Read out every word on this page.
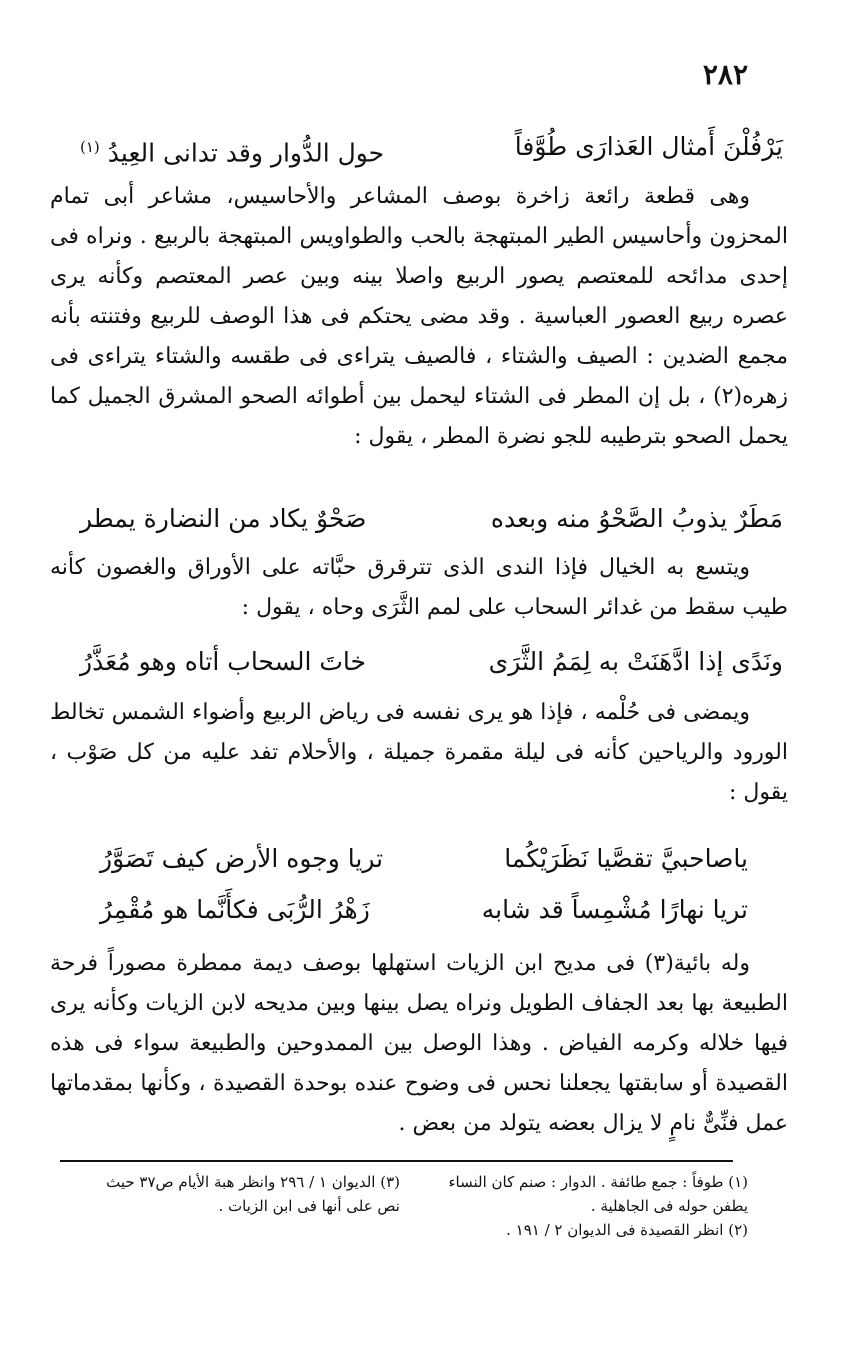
٢٨٢
يَرْفُلْنَ أَمثال العَذارَى طُوَّفاً
حول الدُّوار وقد تدانى العِيدُ$^{(١)}$

وهى قطعة رائعة زاخرة بوصف المشاعر والأحاسيس، مشاعر أبى تمام المحزون وأحاسيس الطير المبتهجة بالحب والطواويس المبتهجة بالربيع . ونراه فى إحدى مدائحه للمعتصم يصور الربيع واصلا بينه وبين عصر المعتصم وكأنه يرى عصره ربيع العصور العباسية . وقد مضى يحتكم فى هذا الوصف للربيع وفتنته بأنه مجمع الضدين : الصيف والشتاء ، فالصيف يتراءى فى طقسه والشتاء يتراءى فى زهره(٢) ، بل إن المطر فى الشتاء ليحمل بين أطوائه الصحو المشرق الجميل كما يحمل الصحو بترطيبه للجو نضرة المطر ، يقول :

مَطَرٌ يذوبُ الصَّحْوُ منه وبعده
صَحْوٌ يكاد من النضارة يمطر

ويتسع به الخيال فإذا الندى الذى تترقرق حبَّاته على الأوراق والغصون كأنه طيب سقط من غدائر السحاب على لمم الثَّرَى وحاه ، يقول :

ونَدًى إذا ادَّهَنَتْ به لِمَمُ الثَّرَى
خاتَ السحاب أتاه وهو مُعَذَّرُ

ويمضى فى حُلْمه ، فإذا هو يرى نفسه فى رياض الربيع وأضواء الشمس تخالط الورود والرياحين كأنه فى ليلة مقمرة جميلة ، والأحلام تفد عليه من كل صَوْب ، يقول :

ياصاحبيَّ تقصَّيا نَظَرَيْكُما
تريا وجوه الأرض كيف تَصَوَّرُ
تريا نهارًا مُشْمِساً قد شابه
زَهْرُ الرُّبَى فكأَنَّما هو مُقْمِرُ

وله بائية(٣) فى مديح ابن الزيات استهلها بوصف ديمة ممطرة مصوراً فرحة الطبيعة بها بعد الجفاف الطويل ونراه يصل بينها وبين مديحه لابن الزيات وكأنه يرى فيها خلاله وكرمه الفياض . وهذا الوصل بين الممدوحين والطبيعة سواء فى هذه القصيدة أو سابقتها يجعلنا نحس فى وضوح عنده بوحدة القصيدة ، وكأنها بمقدماتها عمل فنِّىٌّ نامٍ لا يزال بعضه يتولد من بعض .

(١) طوفاً : جمع طائفة . الدوار : صنم كان النساء يطفن حوله فى الجاهلية .

(٢) انظر القصيدة فى الديوان ٢ / ١٩١ .

(٣) الديوان ١ / ٢٩٦ وانظر هبة الأيام ص٣٧ حيث نص على أنها فى ابن الزيات .
